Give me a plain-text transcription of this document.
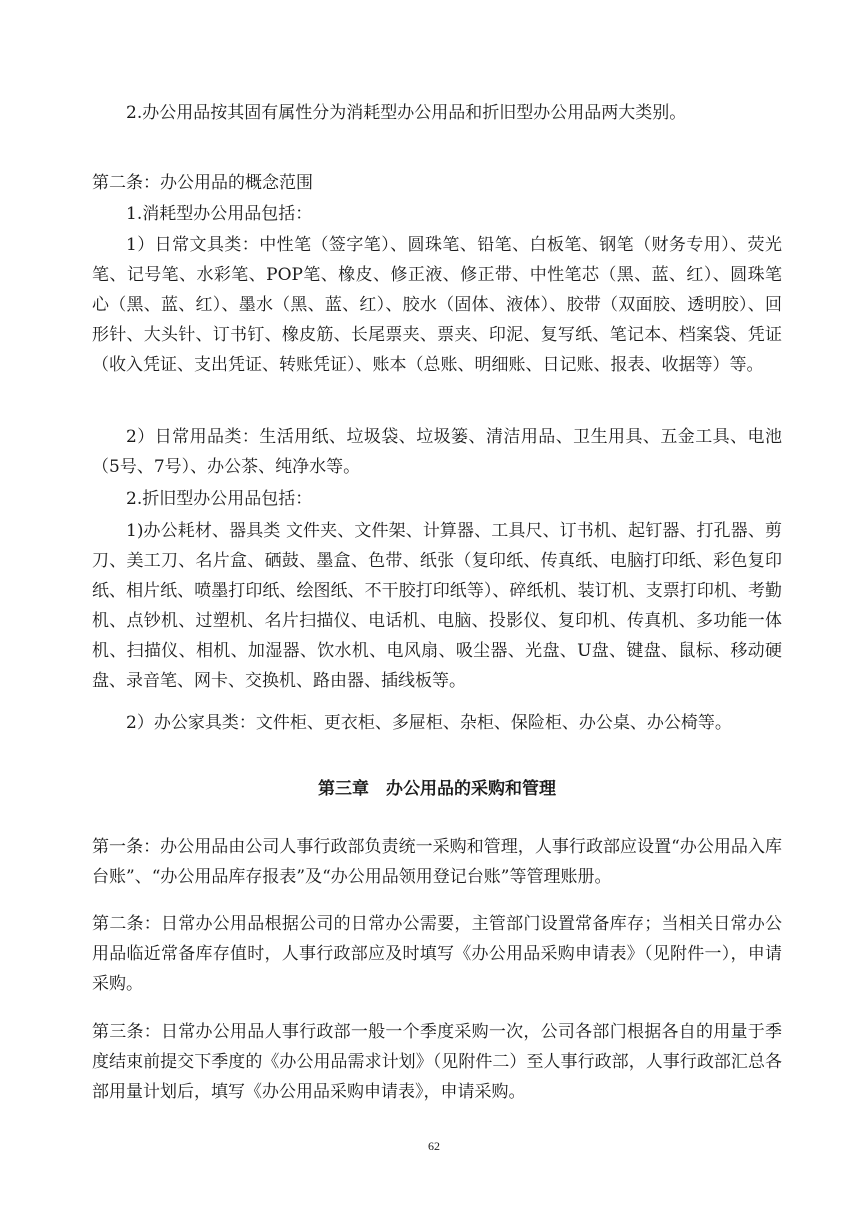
2.办公用品按其固有属性分为消耗型办公用品和折旧型办公用品两大类别。

第二条：办公用品的概念范围

1.消耗型办公用品包括：

1）日常文具类：中性笔（签字笔）、圆珠笔、铅笔、白板笔、钢笔（财务专用）、荧光笔、记号笔、水彩笔、POP笔、橡皮、修正液、修正带、中性笔芯（黑、蓝、红）、圆珠笔心（黑、蓝、红）、墨水（黑、蓝、红）、胶水（固体、液体）、胶带（双面胶、透明胶）、回形针、大头针、订书钉、橡皮筋、长尾票夹、票夹、印泥、复写纸、笔记本、档案袋、凭证（收入凭证、支出凭证、转账凭证）、账本（总账、明细账、日记账、报表、收据等）等。

2）日常用品类：生活用纸、垃圾袋、垃圾篓、清洁用品、卫生用具、五金工具、电池（5号、7号）、办公茶、纯净水等。

2.折旧型办公用品包括：

1)办公耗材、器具类 文件夹、文件架、计算器、工具尺、订书机、起钉器、打孔器、剪刀、美工刀、名片盒、硒鼓、墨盒、色带、纸张（复印纸、传真纸、电脑打印纸、彩色复印纸、相片纸、喷墨打印纸、绘图纸、不干胶打印纸等）、碎纸机、装订机、支票打印机、考勤机、点钞机、过塑机、名片扫描仪、电话机、电脑、投影仪、复印机、传真机、多功能一体机、扫描仪、相机、加湿器、饮水机、电风扇、吸尘器、光盘、U盘、键盘、鼠标、移动硬盘、录音笔、网卡、交换机、路由器、插线板等。

2）办公家具类：文件柜、更衣柜、多屉柜、杂柜、保险柜、办公桌、办公椅等。

第三章　办公用品的采购和管理

第一条：办公用品由公司人事行政部负责统一采购和管理，人事行政部应设置“办公用品入库台账”、“办公用品库存报表”及“办公用品领用登记台账”等管理账册。

第二条：日常办公用品根据公司的日常办公需要，主管部门设置常备库存；当相关日常办公用品临近常备库存值时，人事行政部应及时填写《办公用品采购申请表》（见附件一），申请采购。

第三条：日常办公用品人事行政部一般一个季度采购一次，公司各部门根据各自的用量于季度结束前提交下季度的《办公用品需求计划》（见附件二）至人事行政部，人事行政部汇总各部用量计划后，填写《办公用品采购申请表》，申请采购。

62
